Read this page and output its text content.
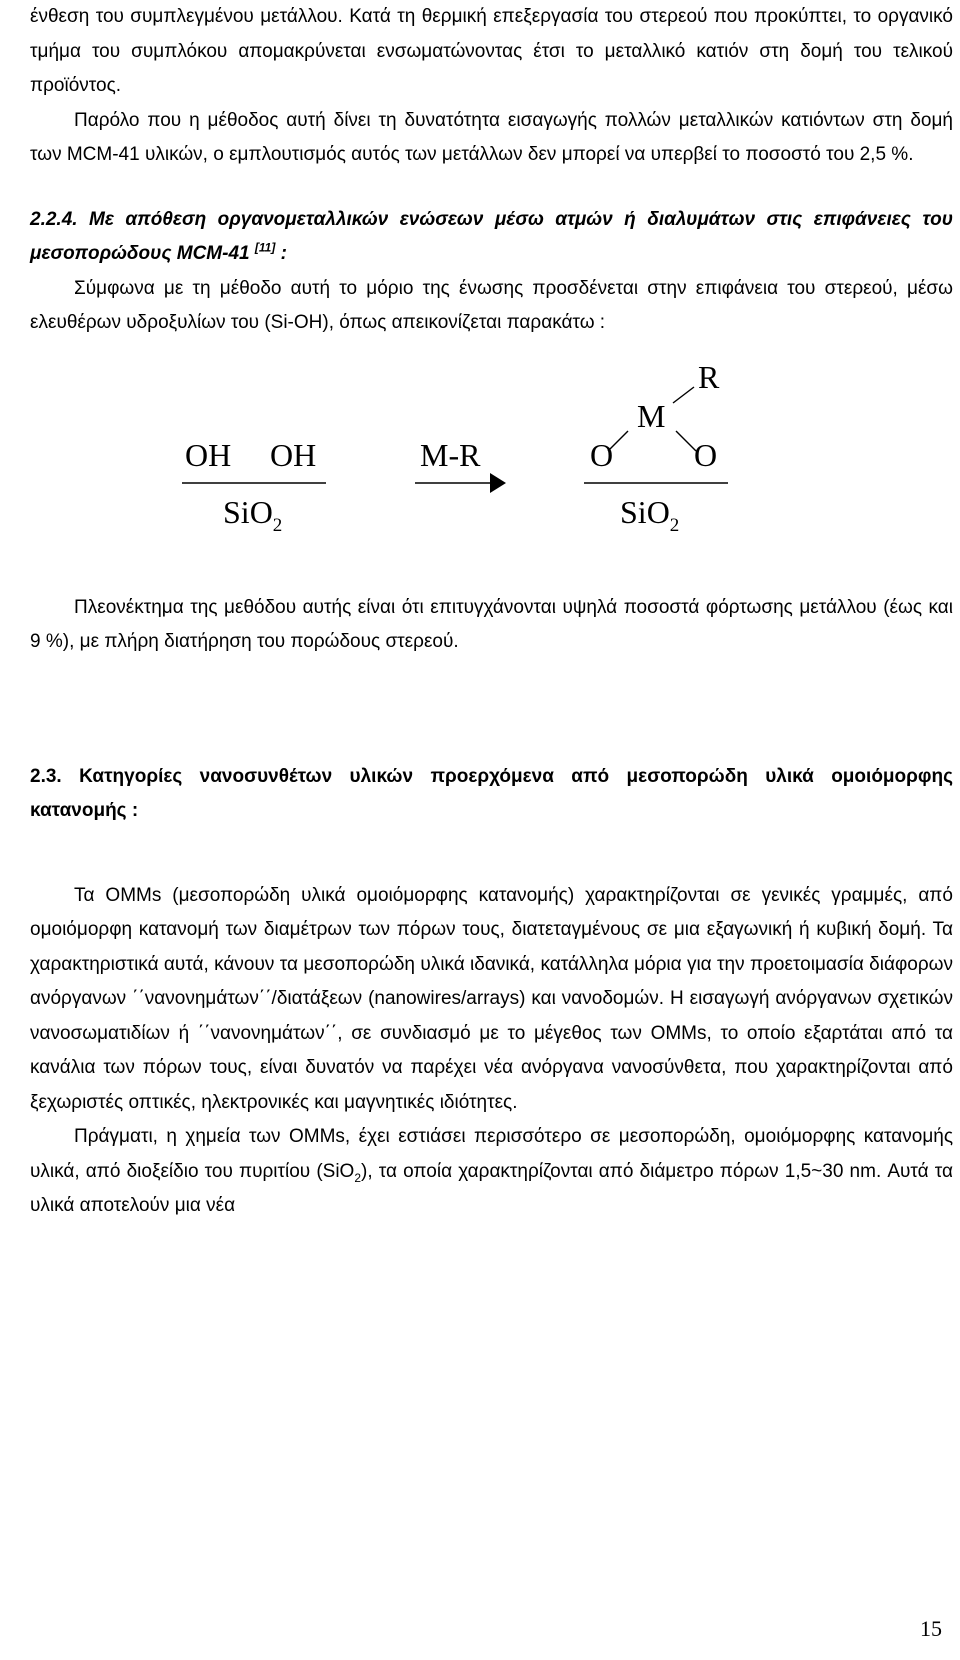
ένθεση του συμπλεγμένου μετάλλου. Κατά τη θερμική επεξεργασία του στερεού που προκύπτει, το οργανικό τμήμα του συμπλόκου απομακρύνεται ενσωματώνοντας έτσι το μεταλλικό κατιόν στη δομή του τελικού προϊόντος.

Παρόλο που η μέθοδος αυτή δίνει τη δυνατότητα εισαγωγής πολλών μεταλλικών κατιόντων στη δομή των MCM-41 υλικών, ο εμπλουτισμός αυτός των μετάλλων δεν μπορεί να υπερβεί το ποσοστό του 2,5 %.

2.2.4. Με απόθεση οργανομεταλλικών ενώσεων μέσω ατμών ή διαλυμάτων στις επιφάνειες του μεσοπορώδους MCM-41 [11] :

Σύμφωνα με τη μέθοδο αυτή το μόριο της ένωσης προσδένεται στην επιφάνεια του στερεού, μέσω ελευθέρων υδροξυλίων του (Si-OH), όπως απεικονίζεται παρακάτω :

OH OH
SiO$_2$
M-R
R
M
O	O
SiO$_2$

Πλεονέκτημα της μεθόδου αυτής είναι ότι επιτυγχάνονται υψηλά ποσοστά φόρτωσης μετάλλου (έως και 9 %), με πλήρη διατήρηση του πορώδους στερεού.

2.3. Κατηγορίες νανοσυνθέτων υλικών προερχόμενα από μεσοπορώδη υλικά ομοιόμορφης κατανομής :

Τα OMMs (μεσοπορώδη υλικά ομοιόμορφης κατανομής) χαρακτηρίζονται σε γενικές γραμμές, από ομοιόμορφη κατανομή των διαμέτρων των πόρων τους, διατεταγμένους σε μια εξαγωνική ή κυβική δομή. Τα χαρακτηριστικά αυτά, κάνουν τα μεσοπορώδη υλικά ιδανικά, κατάλληλα μόρια για την προετοιμασία διάφορων ανόργανων ΄΄νανονημάτων΄΄/διατάξεων (nanowires/arrays) και νανοδομών. Η εισαγωγή ανόργανων σχετικών νανοσωματιδίων ή ΄΄νανονημάτων΄΄, σε συνδιασμό με το μέγεθος των OMMs, το οποίο εξαρτάται από τα κανάλια των πόρων τους, είναι δυνατόν να παρέχει νέα ανόργανα νανοσύνθετα, που χαρακτηρίζονται από ξεχωριστές οπτικές, ηλεκτρονικές και μαγνητικές ιδιότητες.

Πράγματι, η χημεία των OMMs, έχει εστιάσει περισσότερο σε μεσοπορώδη, ομοιόμορφης κατανομής υλικά, από διοξείδιο του πυριτίου (SiO$_2$), τα οποία χαρακτηρίζονται από διάμετρο πόρων 1,5~30 nm. Αυτά τα υλικά αποτελούν μια νέα

15
